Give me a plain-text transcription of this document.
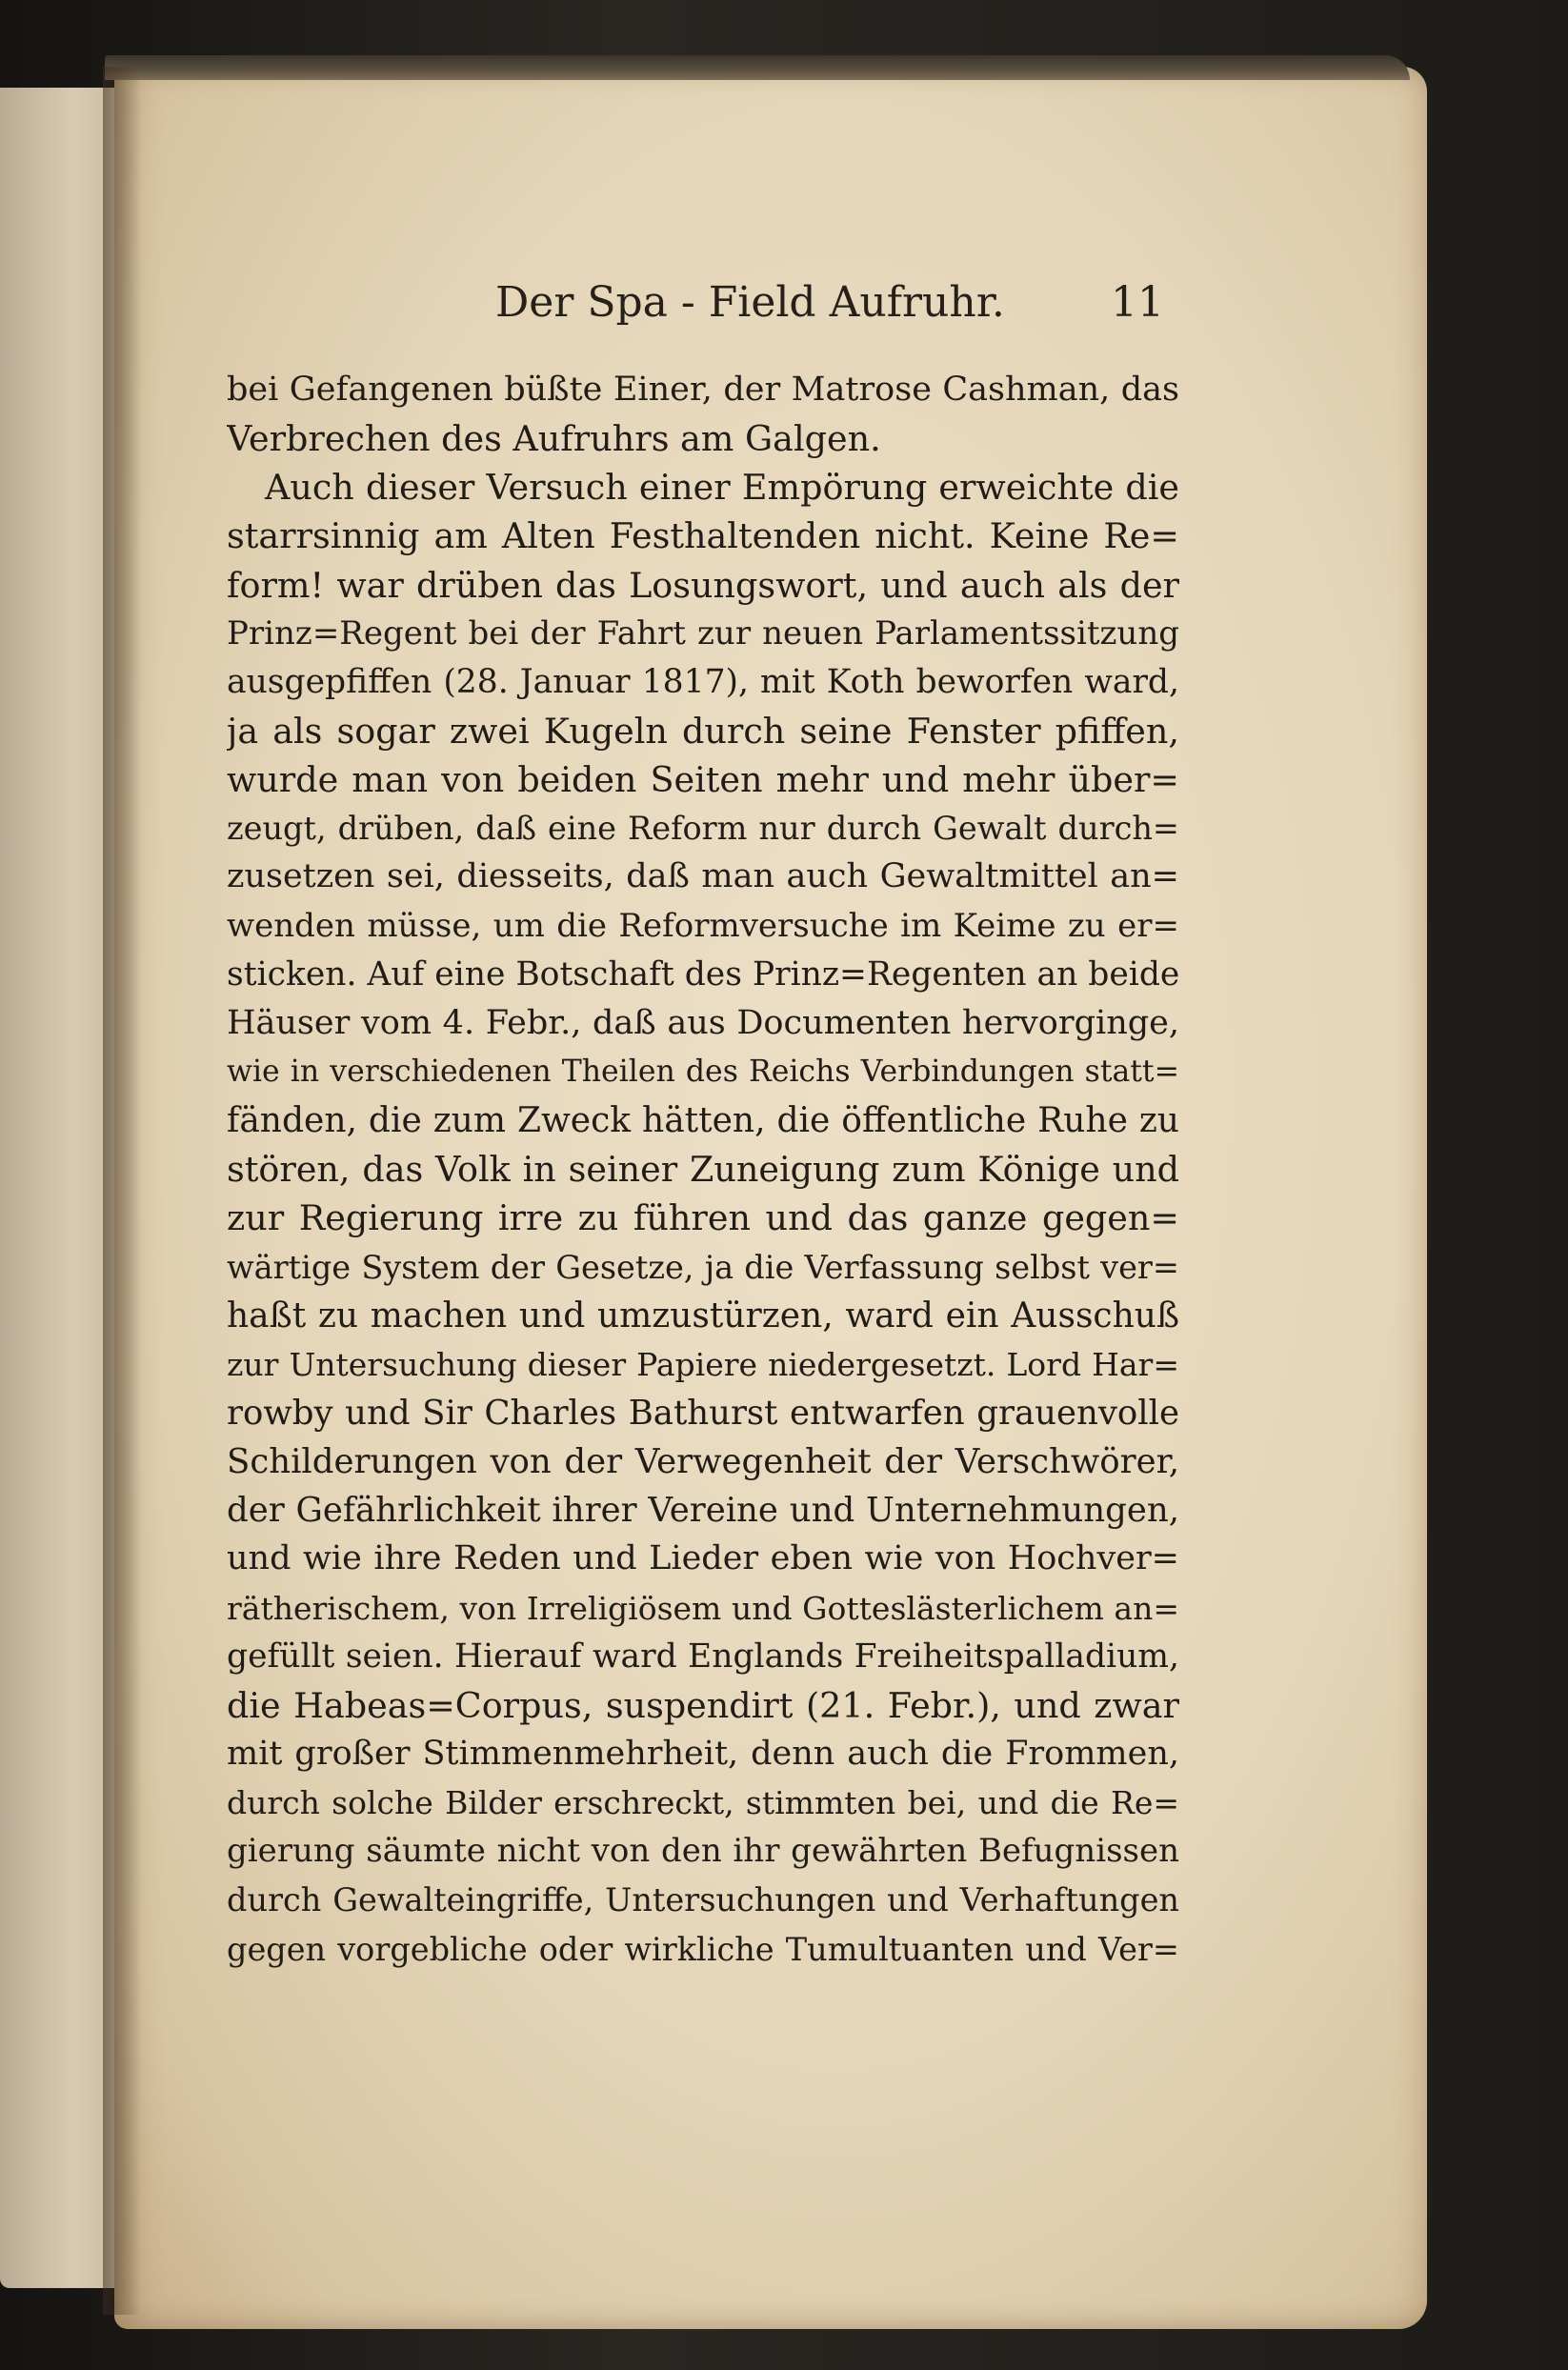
Der Spa - Field Aufruhr.	11
bei Gefangenen büßte Einer, der Matrose Cashman, das
Verbrechen des Aufruhrs am Galgen.
Auch dieser Versuch einer Empörung erweichte die
starrsinnig am Alten Festhaltenden nicht. Keine Re=
form! war drüben das Losungswort, und auch als der
Prinz=Regent bei der Fahrt zur neuen Parlamentssitzung
ausgepfiffen (28. Januar 1817), mit Koth beworfen ward,
ja als sogar zwei Kugeln durch seine Fenster pfiffen,
wurde man von beiden Seiten mehr und mehr über=
zeugt, drüben, daß eine Reform nur durch Gewalt durch=
zusetzen sei, diesseits, daß man auch Gewaltmittel an=
wenden müsse, um die Reformversuche im Keime zu er=
sticken. Auf eine Botschaft des Prinz=Regenten an beide
Häuser vom 4. Febr., daß aus Documenten hervorginge,
wie in verschiedenen Theilen des Reichs Verbindungen statt=
fänden, die zum Zweck hätten, die öffentliche Ruhe zu
stören, das Volk in seiner Zuneigung zum Könige und
zur Regierung irre zu führen und das ganze gegen=
wärtige System der Gesetze, ja die Verfassung selbst ver=
haßt zu machen und umzustürzen, ward ein Ausschuß
zur Untersuchung dieser Papiere niedergesetzt. Lord Har=
rowby und Sir Charles Bathurst entwarfen grauenvolle
Schilderungen von der Verwegenheit der Verschwörer,
der Gefährlichkeit ihrer Vereine und Unternehmungen,
und wie ihre Reden und Lieder eben wie von Hochver=
rätherischem, von Irreligiösem und Gotteslästerlichem an=
gefüllt seien. Hierauf ward Englands Freiheitspalladium,
die Habeas=Corpus, suspendirt (21. Febr.), und zwar
mit großer Stimmenmehrheit, denn auch die Frommen,
durch solche Bilder erschreckt, stimmten bei, und die Re=
gierung säumte nicht von den ihr gewährten Befugnissen
durch Gewalteingriffe, Untersuchungen und Verhaftungen
gegen vorgebliche oder wirkliche Tumultuanten und Ver=
